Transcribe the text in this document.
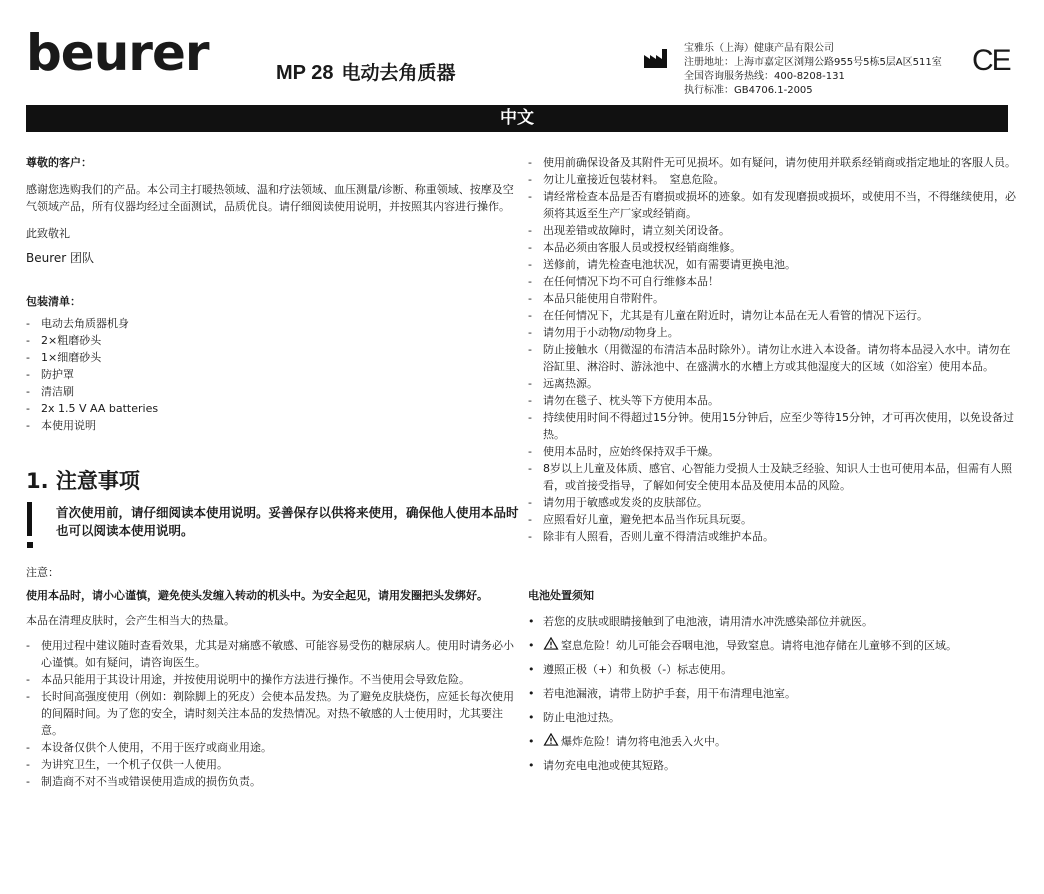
beurer	MP 28 电动去角质器
宝雅乐（上海）健康产品有限公司
注册地址：上海市嘉定区浏翔公路955号5栋5层A区511室
全国咨询服务热线：400-8208-131
执行标准：GB4706.1-2005
CE
中文

尊敬的客户：

感谢您选购我们的产品。本公司主打暖热领域、温和疗法领域、血压测量/诊断、称重领域、按摩及空气领域产品，所有仪器均经过全面测试，品质优良。请仔细阅读使用说明，并按照其内容进行操作。

此致敬礼

Beurer 团队

包装清单：

- 电动去角质器机身
- 2×粗磨砂头
- 1×细磨砂头
- 防护罩
- 清洁刷
- 2x 1.5 V AA batteries
- 本使用说明

1. 注意事项

首次使用前，请仔细阅读本使用说明。妥善保存以供将来使用，确保他人使用本品时也可以阅读本使用说明。

注意：

使用本品时，请小心谨慎，避免使头发缠入转动的机头中。为安全起见，请用发圈把头发绑好。

本品在清理皮肤时，会产生相当大的热量。

- 使用过程中建议随时查看效果，尤其是对痛感不敏感、可能容易受伤的糖尿病人。使用时请务必小心谨慎。如有疑问，请咨询医生。
- 本品只能用于其设计用途，并按使用说明中的操作方法进行操作。不当使用会导致危险。
- 长时间高强度使用（例如：剃除脚上的死皮）会使本品发热。为了避免皮肤烧伤，应延长每次使用的间隔时间。为了您的安全，请时刻关注本品的发热情况。对热不敏感的人士使用时，尤其要注意。
- 本设备仅供个人使用，不用于医疗或商业用途。
- 为讲究卫生，一个机子仅供一人使用。
- 制造商不对不当或错误使用造成的损伤负责。
- 使用前确保设备及其附件无可见损坏。如有疑问，请勿使用并联系经销商或指定地址的客服人员。
- 勿让儿童接近包装材料。　窒息危险。
- 请经常检查本品是否有磨损或损坏的迹象。如有发现磨损或损坏，或使用不当，不得继续使用，必须将其返至生产厂家或经销商。
- 出现差错或故障时，请立刻关闭设备。
- 本品必须由客服人员或授权经销商维修。
- 送修前，请先检查电池状况，如有需要请更换电池。
- 在任何情况下均不可自行维修本品！
- 本品只能使用自带附件。
- 在任何情况下，尤其是有儿童在附近时，请勿让本品在无人看管的情况下运行。
- 请勿用于小动物/动物身上。
- 防止接触水（用微湿的布清洁本品时除外）。请勿让水进入本设备。请勿将本品浸入水中。请勿在浴缸里、淋浴时、游泳池中、在盛满水的水槽上方或其他湿度大的区域（如浴室）使用本品。
- 远离热源。
- 请勿在毯子、枕头等下方使用本品。
- 持续使用时间不得超过15分钟。使用15分钟后，应至少等待15分钟，才可再次使用，以免设备过热。
- 使用本品时，应始终保持双手干燥。
- 8岁以上儿童及体质、感官、心智能力受损人士及缺乏经验、知识人士也可使用本品，但需有人照看，或首接受指导，了解如何安全使用本品及使用本品的风险。
- 请勿用于敏感或发炎的皮肤部位。
- 应照看好儿童，避免把本品当作玩具玩耍。
- 除非有人照看，否则儿童不得清洁或维护本品。

电池处置须知

• 若您的皮肤或眼睛接触到了电池液，请用清水冲洗感染部位并就医。
• 窒息危险！幼儿可能会吞咽电池，导致窒息。请将电池存储在儿童够不到的区域。
• 遵照正极（+）和负极（-）标志使用。
• 若电池漏液，请带上防护手套，用干布清理电池室。
• 防止电池过热。
• 爆炸危险！请勿将电池丢入火中。
• 请勿充电电池或使其短路。
